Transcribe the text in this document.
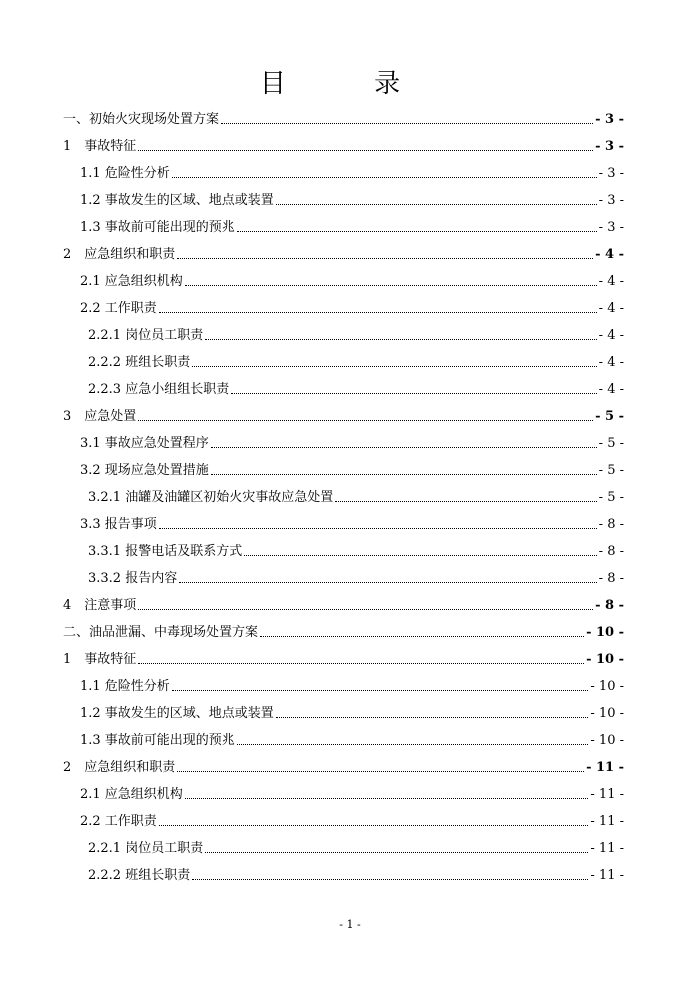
目 录
一、初始火灾现场处置方案	- 3 -
1　事故特征	- 3 -
1.1 危险性分析	- 3 -
1.2 事故发生的区域、地点或装置	- 3 -
1.3 事故前可能出现的预兆	- 3 -
2　应急组织和职责	- 4 -
2.1 应急组织机构	- 4 -
2.2 工作职责	- 4 -
2.2.1 岗位员工职责	- 4 -
2.2.2 班组长职责	- 4 -
2.2.3 应急小组组长职责	- 4 -
3　应急处置	- 5 -
3.1 事故应急处置程序	- 5 -
3.2 现场应急处置措施	- 5 -
3.2.1 油罐及油罐区初始火灾事故应急处置	- 5 -
3.3 报告事项	- 8 -
3.3.1 报警电话及联系方式	- 8 -
3.3.2 报告内容	- 8 -
4　注意事项	- 8 -
二、油品泄漏、中毒现场处置方案	- 10 -
1　事故特征	- 10 -
1.1 危险性分析	- 10 -
1.2 事故发生的区域、地点或装置	- 10 -
1.3 事故前可能出现的预兆	- 10 -
2　应急组织和职责	- 11 -
2.1 应急组织机构	- 11 -
2.2 工作职责	- 11 -
2.2.1 岗位员工职责	- 11 -
2.2.2 班组长职责	- 11 -
- 1 -
